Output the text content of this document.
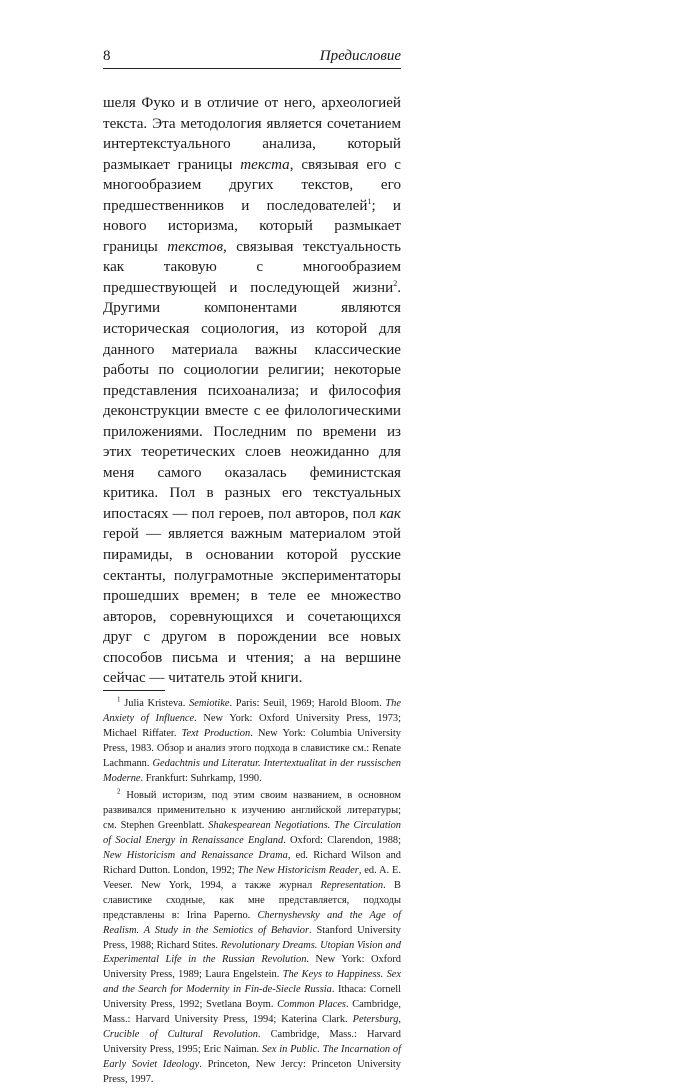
8	Предисловие

шеля Фуко и в отличие от него, археологией текста. Эта методология является сочетанием интертекстуального анализа, который размыкает границы текста, связывая его с многообразием других текстов, его предшественников и последователей$^1$; и нового историзма, который размыкает границы текстов, связывая текстуальность как таковую с многообразием предшествующей и последующей жизни$^2$. Другими компонентами являются историческая социология, из которой для данного материала важны классические работы по социологии религии; некоторые представления психоанализа; и философия деконструкции вместе с ее филологическими приложениями. Последним по времени из этих теоретических слоев неожиданно для меня самого оказалась феминистская критика. Пол в разных его текстуальных ипостасях — пол героев, пол авторов, пол как герой — является важным материалом этой пирамиды, в основании которой русские сектанты, полуграмотные экспериментаторы прошедших времен; в теле ее множество авторов, соревнующихся и сочетающихся друг с другом в порождении все новых способов письма и чтения; а на вершине сейчас — читатель этой книги.

$^1$ Julia Kristeva. Semiotike. Paris: Seuil, 1969; Harold Bloom. The Anxiety of Influence. New York: Oxford University Press, 1973; Michael Riffater. Text Production. New York: Columbia University Press, 1983. Обзор и анализ этого подхода в славистике см.: Renate Lachmann. Gedachtnis und Literatur. Intertextualitat in der russischen Moderne. Frankfurt: Suhrkamp, 1990.

$^2$ Новый историзм, под этим своим названием, в основном развивался применительно к изучению английской литературы; см. Stephen Greenblatt. Shakespearean Negotiations. The Circulation of Social Energy in Renaissance England. Oxford: Clarendon, 1988; New Historicism and Renaissance Drama, ed. Richard Wilson and Richard Dutton. London, 1992; The New Historicism Reader, ed. A. E. Veeser. New York, 1994, а также журнал Representation. В славистике сходные, как мне представляется, подходы представлены в: Irina Paperno. Chernyshevsky and the Age of Realism. A Study in the Semiotics of Behavior. Stanford University Press, 1988; Richard Stites. Revolutionary Dreams. Utopian Vision and Experimental Life in the Russian Revolution. New York: Oxford University Press, 1989; Laura Engelstein. The Keys to Happiness. Sex and the Search for Modernity in Fin-de-Siecle Russia. Ithaca: Cornell University Press, 1992; Svetlana Boym. Common Places. Cambridge, Mass.: Harvard University Press, 1994; Katerina Clark. Petersburg, Crucible of Cultural Revolution. Cambridge, Mass.: Harvard University Press, 1995; Eric Naiman. Sex in Public. The Incarnation of Early Soviet Ideology. Princeton, New Jercy: Princeton University Press, 1997.
